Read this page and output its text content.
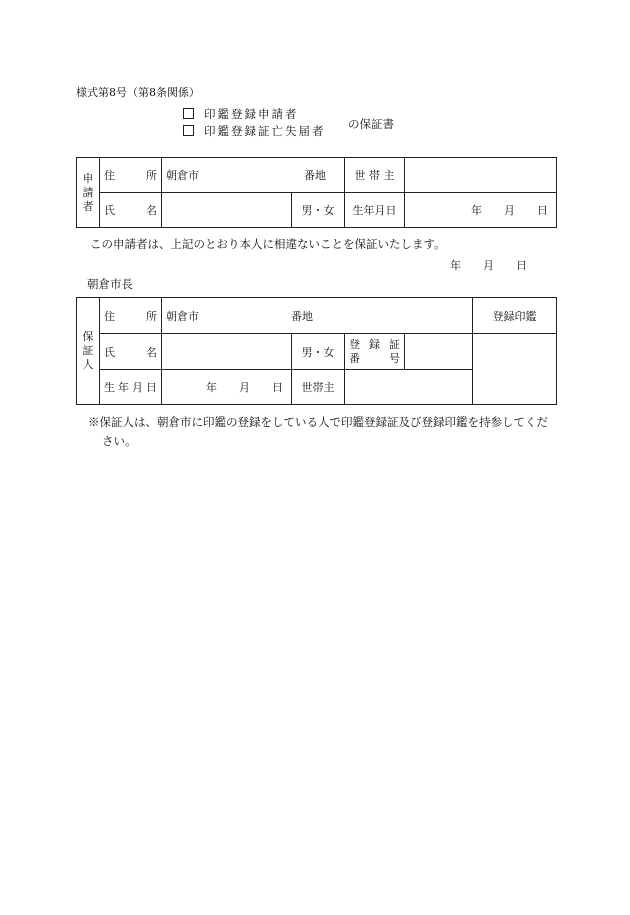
様式第8号（第8条関係）
印鑑登録申請者
印鑑登録証亡失届者 の保証書
申
請
者	住　所	朝倉市 番地		世 帯 主	

	氏　名		男・女	生年月日	年　　月　　日
この申請者は、上記のとおり本人に相違ないことを保証いたします。
年　　月　　日
朝倉市長
保
証
人	住　所	朝倉市 番地				登録印鑑

	氏　名		男・女	登 録 証
番　　号		

	生年月日	年　　月　　日	世帯主			
※保証人は、朝倉市に印鑑の登録をしている人で印鑑登録証及び登録印鑑を持参してくだ
さい。
